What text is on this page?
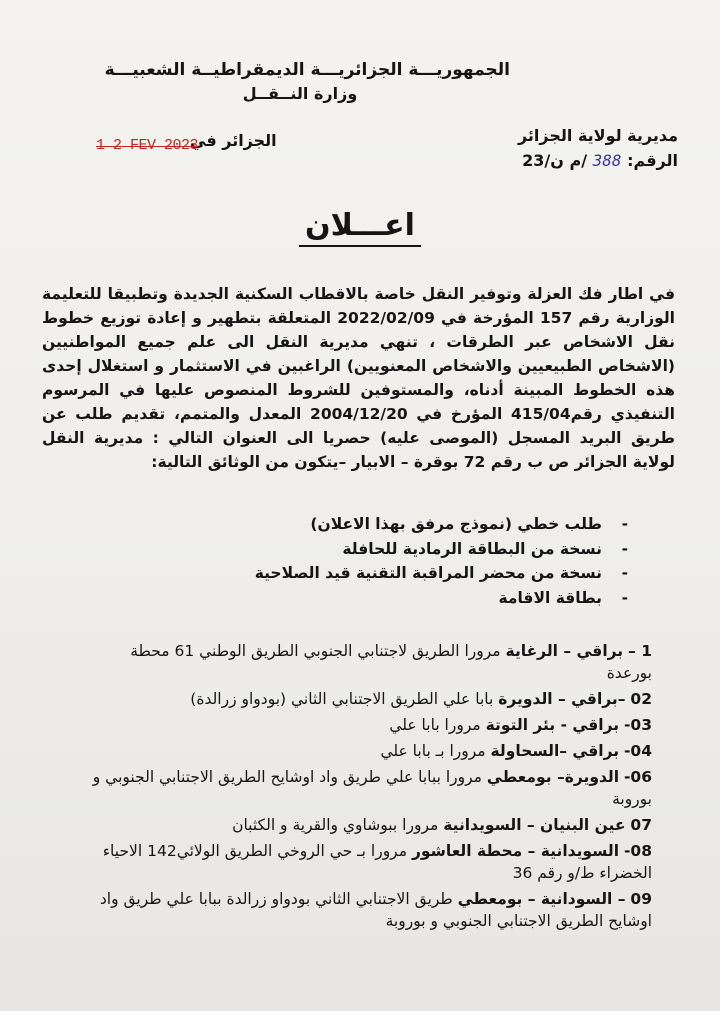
الجمهوريـــة الجزائريـــة الديمقراطيــة الشعبيـــة
وزارة النــقــل
مديرية لولاية الجزائر
الرقم: 388 /م ن/23
الجزائر في
1 2 FEV 2023
اعـــلان

في اطار فك العزلة وتوفير النقل خاصة بالاقطاب السكنية الجديدة وتطبيقا للتعليمة الوزارية رقم 157 المؤرخة في 2022/02/09 المتعلقة بتطهير و إعادة توزيع خطوط نقل الاشخاص عبر الطرقات ، تنهي مديرية النقل الى علم جميع المواطنيين (الاشخاص الطبيعيين والاشخاص المعنويين) الراغبين في الاستثمار و استغلال إحدى هذه الخطوط المبينة أدناه، والمستوفين للشروط المنصوص عليها في المرسوم التنفيذي رقم415/04 المؤرخ في 2004/12/20 المعدل والمتمم، تقديم طلب عن طريق البريد المسجل (الموصى عليه) حصريا الى العنوان التالي : مديرية النقل لولاية الجزائر ص ب رقم 72 بوقرة – الابيار –يتكون من الوثائق التالية:

-طلب خطي (نموذج مرفق بهذا الاعلان)
-نسخة من البطاقة الرمادية للحافلة
-نسخة من محضر المراقبة التقنية قيد الصلاحية
-بطاقة الاقامة
1 – براقي – الرغاية مرورا الطريق لاجتنابي الجنوبي الطريق الوطني 61 محطة بورعدة
02 –براقي – الدويرة بابا علي الطريق الاجتنابي الثاني (بودواو زرالدة)
03- براقي - بئر التوتة مرورا بابا علي
04- براقي –السحاولة مرورا بـ بابا علي
06- الدويرة– بومعطي مرورا ببابا علي طريق واد اوشايح الطريق الاجتنابي الجنوبي و بوروبة
07 عين البنيان – السويدانية مرورا ببوشاوي والقرية و الكثبان
08- السويدانية – محطة العاشور مرورا بـ حي الروخي الطريق الولائي142 الاحياء الخضراء ط/و رقم 36
09 – السودانية – بومعطي طريق الاجتنابي الثاني بودواو زرالدة ببابا علي طريق واد اوشايح الطريق الاجتنابي الجنوبي و بوروبة
